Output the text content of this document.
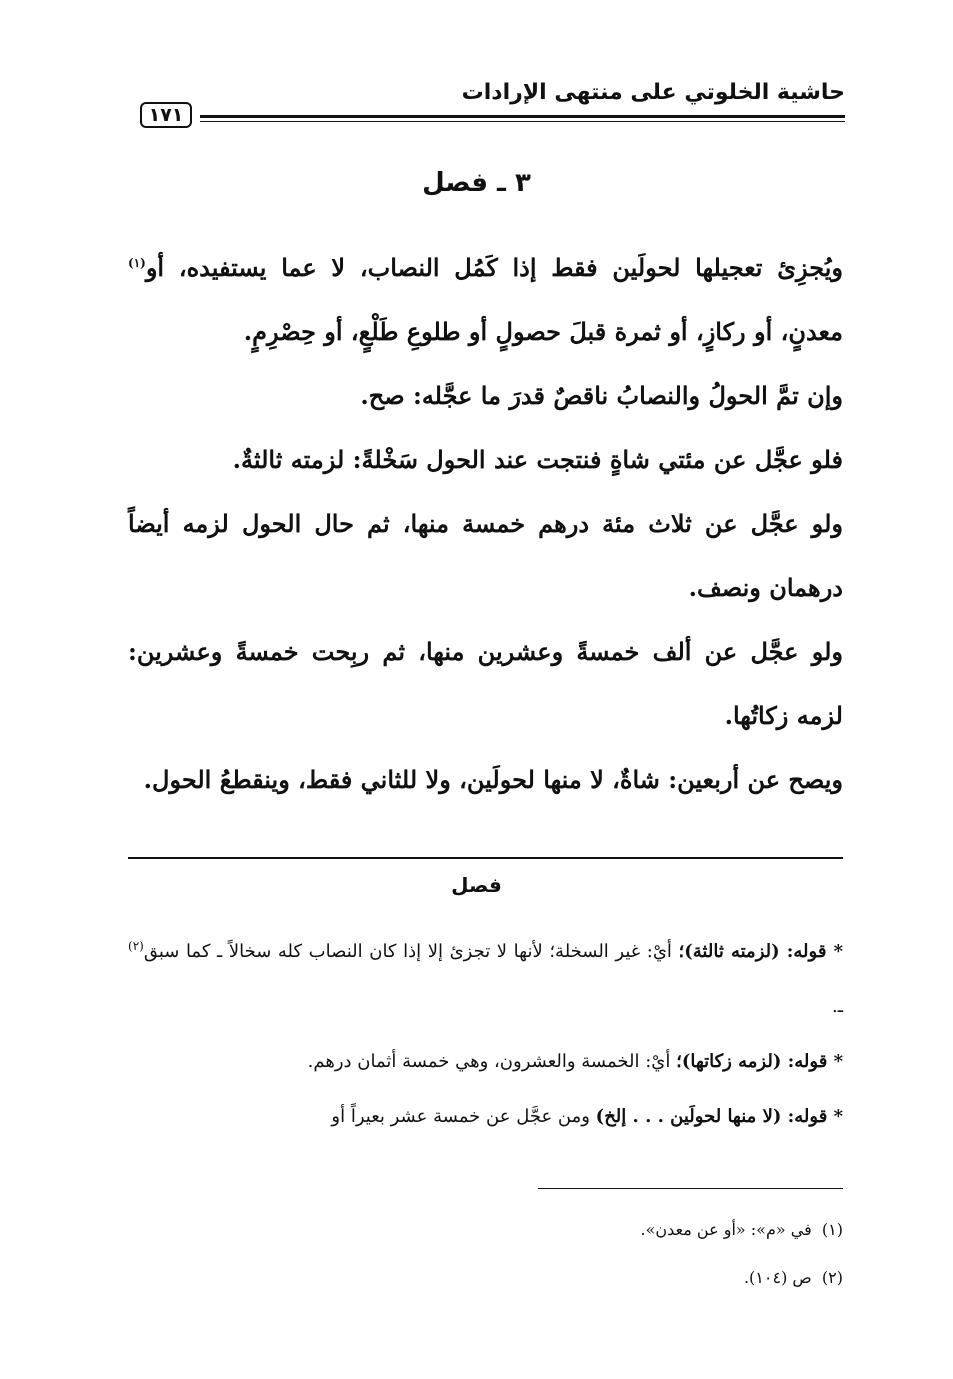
حاشية الخلوتي على منتهى الإرادات
١٧١
٣ ـ فصل

ويُجزِئ تعجيلها لحولَين فقط إذا كَمُل النصاب، لا عما يستفيده، أو$^{(١)}$ معدنٍ، أو ركازٍ، أو ثمرة قبلَ حصولٍ أو طلوعِ طَلْعٍ، أو حِصْرِمٍ.

وإن تمَّ الحولُ والنصابُ ناقصٌ قدرَ ما عجَّله: صح.

فلو عجَّل عن مئتي شاةٍ فنتجت عند الحول سَخْلةً: لزمته ثالثةٌ.

ولو عجَّل عن ثلاث مئة درهم خمسة منها، ثم حال الحول لزمه أيضاً درهمان ونصف.

ولو عجَّل عن ألف خمسةً وعشرين منها، ثم ربِحت خمسةً وعشرين: لزمه زكاتُها.

ويصح عن أربعين: شاةٌ، لا منها لحولَين، ولا للثاني فقط، وينقطعُ الحول.

فصل

* قوله: (لزمته ثالثة)؛ أيْ: غير السخلة؛ لأنها لا تجزئ إلا إذا كان النصاب كله سخالاً ـ كما سبق$^{(٢)}$ ـ.

* قوله: (لزمه زكاتها)؛ أيْ: الخمسة والعشرون، وهي خمسة أثمان درهم.

* قوله: (لا منها لحولَين . . . إلخ) ومن عجَّل عن خمسة عشر بعيراً أو

(١)  في «م»: «أو عن معدن».

(٢)  ص (١٠٤).
